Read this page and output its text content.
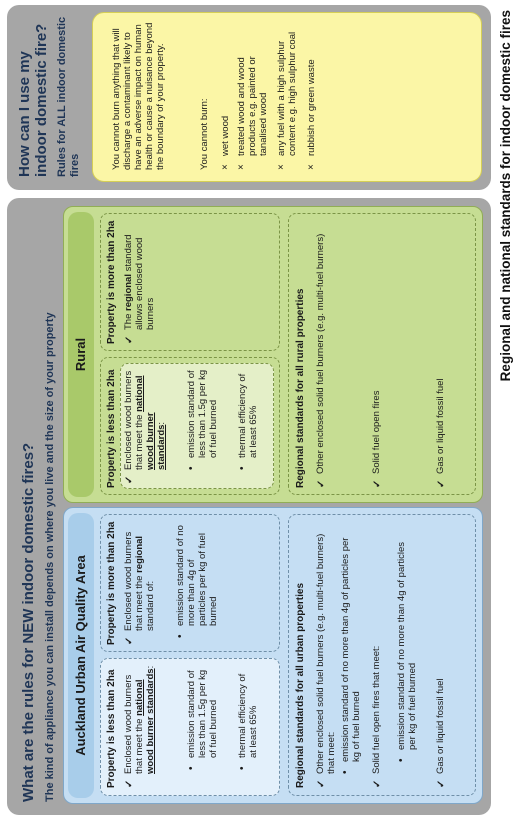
What are the rules for NEW indoor domestic fires? The kind of appliance you can install depends on where you live and the size of your property Auckland Urban Air Quality Area Property is less than 2ha ✓
Enclosed wood burners that meet the national wood burner standards:
•
emission standard of less than 1.5g per kg of fuel burned
•
thermal efficiency of at least 65%
Property is more than 2ha ✓
Enclosed wood burners that meet the regional standard of:
•
emission standard of no more than 4g of particles per kg of fuel burned	Regional standards for all urban properties ✓
Other enclosed solid fuel burners (e.g. multi-fuel burners) that meet: •
emission standard of no more than 4g of particles per kg of fuel burned
✓
Solid fuel open fires that meet: •
emission standard of no more than 4g of particles per kg of fuel burned
✓
Gas or liquid fossil fuel
Rural
Property is less than 2ha ✓
Enclosed wood burners that meet the national wood burner standards:
•
emission standard of less than 1.5g per kg of fuel burned
•
thermal efficiency of at least 65%
Property is more than 2ha ✓
The regional standard allows enclosed wood burners	Regional standards for all rural properties ✓
Other enclosed solid fuel burners (e.g. multi-fuel burners)
✓
Solid fuel open fires
✓
Gas or liquid fossil fuel
How can I use my indoor domestic fire? Rules for ALL indoor domestic fires	You cannot burn anything that will discharge a contaminant likely to have an adverse impact on human health or cause a nuisance beyond the boundary of your property.	You cannot burn: ×
wet wood
×
treated wood and wood products e.g. painted or tanalised wood
×
any fuel with a high sulphur content e.g. high sulphur coal
×
rubbish or green waste	Regional and national standards for indoor domestic fires
